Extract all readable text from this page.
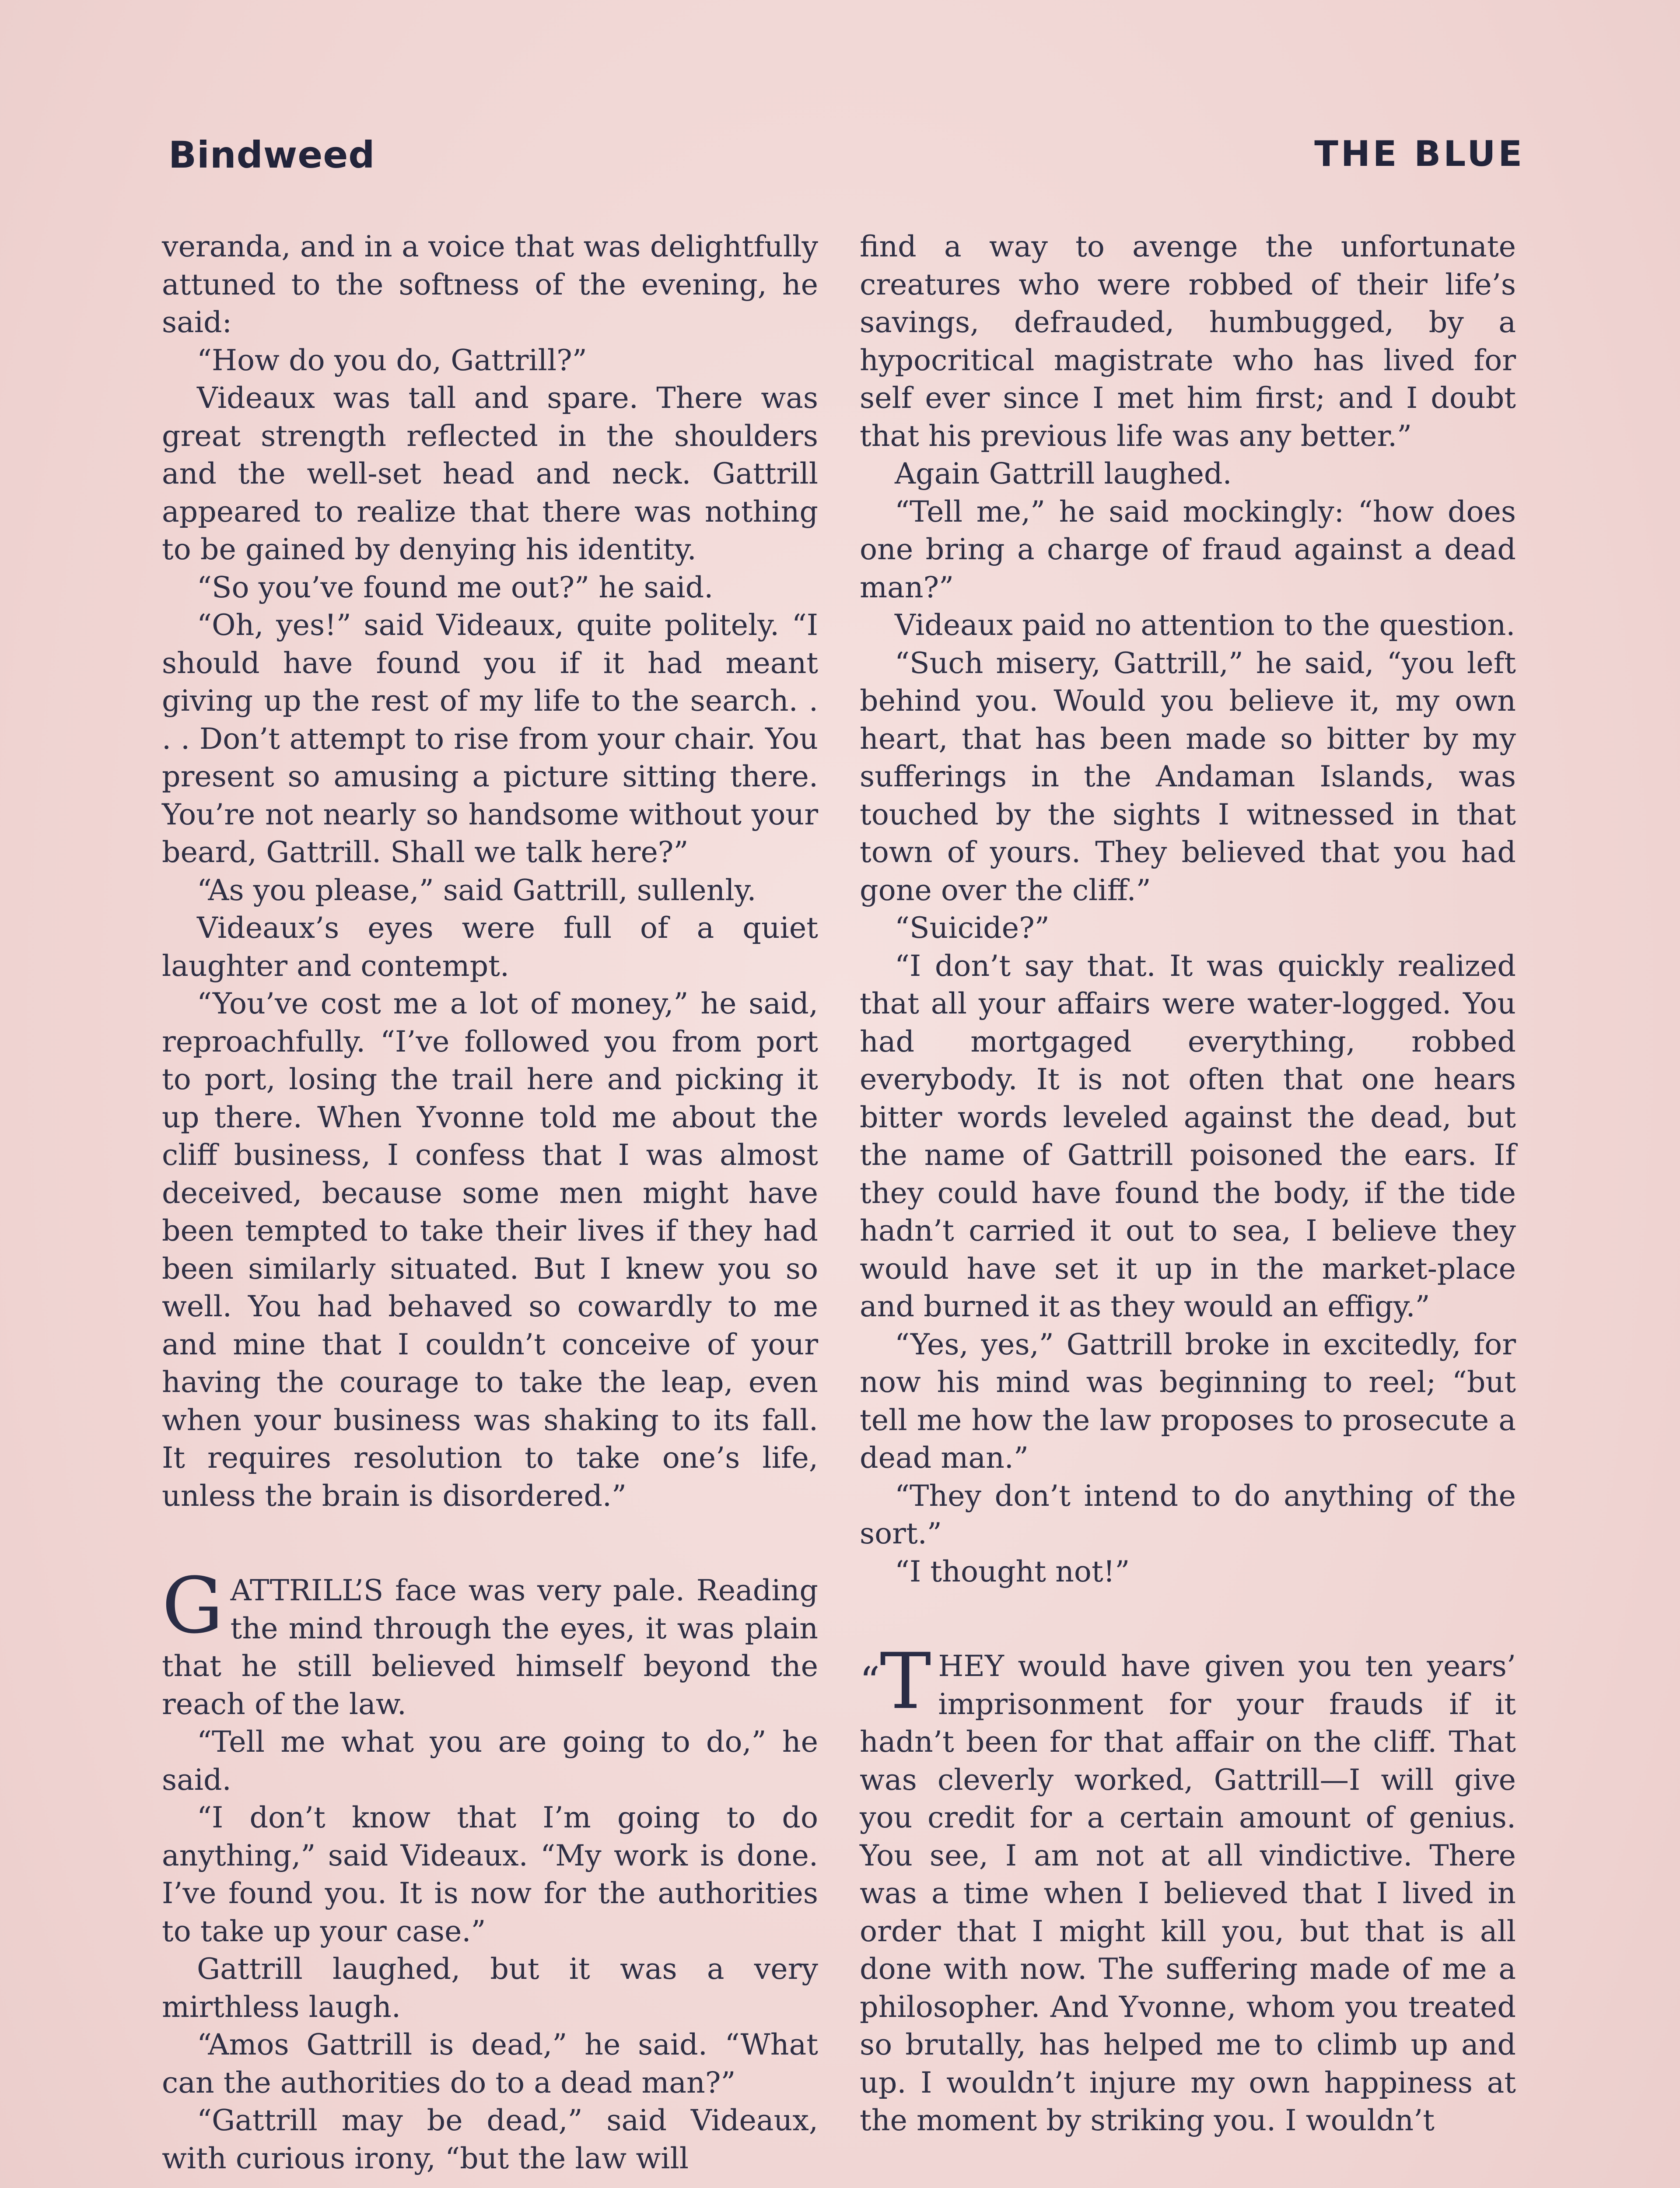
Bindweed	THE BLUE

veranda, and in a voice that was delightfully attuned to the softness of the evening, he said:

“How do you do, Gattrill?”

Videaux was tall and spare. There was great strength reflected in the shoulders and the well-set head and neck. Gattrill appeared to realize that there was nothing to be gained by denying his identity.

“So you’ve found me out?” he said.

“Oh, yes!” said Videaux, quite politely. “I should have found you if it had meant giving up the rest of my life to the search. . . . Don’t attempt to rise from your chair. You present so amusing a picture sitting there. You’re not nearly so handsome without your beard, Gattrill. Shall we talk here?”

“As you please,” said Gattrill, sullenly.

Videaux’s eyes were full of a quiet laughter and contempt.

“You’ve cost me a lot of money,” he said, reproachfully. “I’ve followed you from port to port, losing the trail here and picking it up there. When Yvonne told me about the cliff business, I confess that I was almost deceived, because some men might have been tempted to take their lives if they had been similarly situated. But I knew you so well. You had behaved so cowardly to me and mine that I couldn’t conceive of your having the courage to take the leap, even when your business was shaking to its fall. It requires resolution to take one’s life, unless the brain is disordered.”

GATTRILL’S face was very pale. Reading the mind through the eyes, it was plain that he still believed himself beyond the reach of the law.

“Tell me what you are going to do,” he said.

“I don’t know that I’m going to do anything,” said Videaux. “My work is done. I’ve found you. It is now for the authorities to take up your case.”

Gattrill laughed, but it was a very mirthless laugh.

“Amos Gattrill is dead,” he said. “What can the authorities do to a dead man?”

“Gattrill may be dead,” said Videaux, with curious irony, “but the law will

find a way to avenge the unfortunate creatures who were robbed of their life’s savings, defrauded, humbugged, by a hypocritical magistrate who has lived for self ever since I met him first; and I doubt that his previous life was any better.”

Again Gattrill laughed.

“Tell me,” he said mockingly: “how does one bring a charge of fraud against a dead man?”

Videaux paid no attention to the question.

“Such misery, Gattrill,” he said, “you left behind you. Would you believe it, my own heart, that has been made so bitter by my sufferings in the Andaman Islands, was touched by the sights I witnessed in that town of yours. They believed that you had gone over the cliff.”

“Suicide?”

“I don’t say that. It was quickly realized that all your affairs were water-logged. You had mortgaged everything, robbed everybody. It is not often that one hears bitter words leveled against the dead, but the name of Gattrill poisoned the ears. If they could have found the body, if the tide hadn’t carried it out to sea, I believe they would have set it up in the market-place and burned it as they would an effigy.”

“Yes, yes,” Gattrill broke in excitedly, for now his mind was beginning to reel; “but tell me how the law proposes to prosecute a dead man.”

“They don’t intend to do anything of the sort.”

“I thought not!”

“T HEY would have given you ten years’ imprisonment for your frauds if it hadn’t been for that affair on the cliff. That was cleverly worked, Gattrill—I will give you credit for a certain amount of genius. You see, I am not at all vindictive. There was a time when I believed that I lived in order that I might kill you, but that is all done with now. The suffering made of me a philosopher. And Yvonne, whom you treated so brutally, has helped me to climb up and up. I wouldn’t injure my own happiness at the moment by striking you. I wouldn’t
